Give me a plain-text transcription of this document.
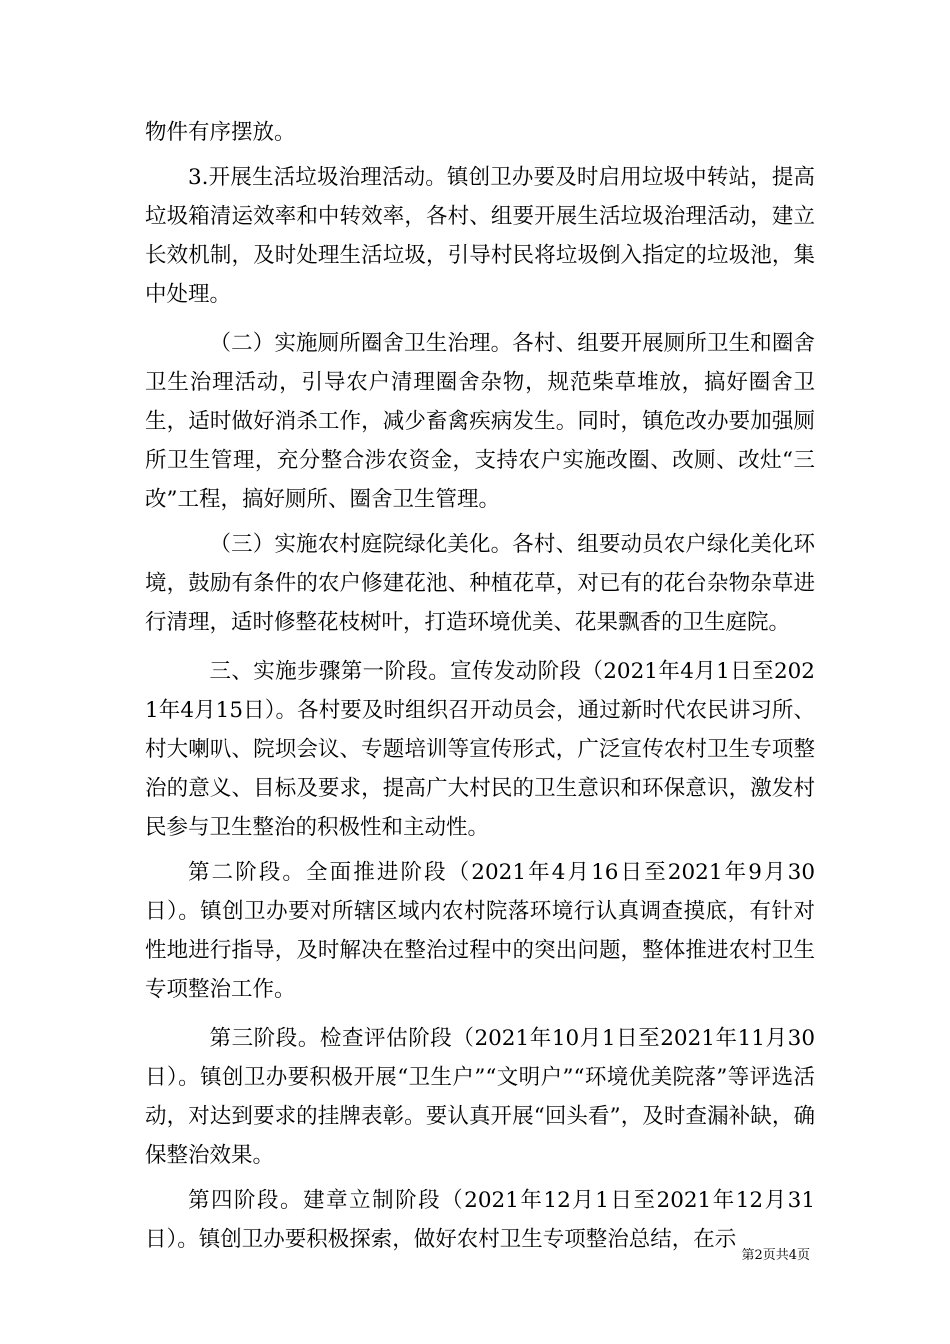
物件有序摆放。

3.开展生活垃圾治理活动。镇创卫办要及时启用垃圾中转站，提高垃圾箱清运效率和中转效率，各村、组要开展生活垃圾治理活动，建立长效机制，及时处理生活垃圾，引导村民将垃圾倒入指定的垃圾池，集中处理。

（二）实施厕所圈舍卫生治理。各村、组要开展厕所卫生和圈舍卫生治理活动，引导农户清理圈舍杂物，规范柴草堆放，搞好圈舍卫生，适时做好消杀工作，减少畜禽疾病发生。同时，镇危改办要加强厕所卫生管理，充分整合涉农资金，支持农户实施改圈、改厕、改灶“三改”工程，搞好厕所、圈舍卫生管理。

（三）实施农村庭院绿化美化。各村、组要动员农户绿化美化环境，鼓励有条件的农户修建花池、种植花草，对已有的花台杂物杂草进行清理，适时修整花枝树叶，打造环境优美、花果飘香的卫生庭院。

三、实施步骤第一阶段。宣传发动阶段（2021年4月1日至2021年4月15日）。各村要及时组织召开动员会，通过新时代农民讲习所、村大喇叭、院坝会议、专题培训等宣传形式，广泛宣传农村卫生专项整治的意义、目标及要求，提高广大村民的卫生意识和环保意识，激发村民参与卫生整治的积极性和主动性。

第二阶段。全面推进阶段（2021年4月16日至2021年9月30日）。镇创卫办要对所辖区域内农村院落环境行认真调查摸底，有针对性地进行指导，及时解决在整治过程中的突出问题，整体推进农村卫生专项整治工作。

第三阶段。检查评估阶段（2021年10月1日至2021年11月30日）。镇创卫办要积极开展“卫生户”“文明户”“环境优美院落”等评选活动，对达到要求的挂牌表彰。要认真开展“回头看”，及时查漏补缺，确保整治效果。

第四阶段。建章立制阶段（2021年12月1日至2021年12月31日）。镇创卫办要积极探索，做好农村卫生专项整治总结，在示

第2页共4页
